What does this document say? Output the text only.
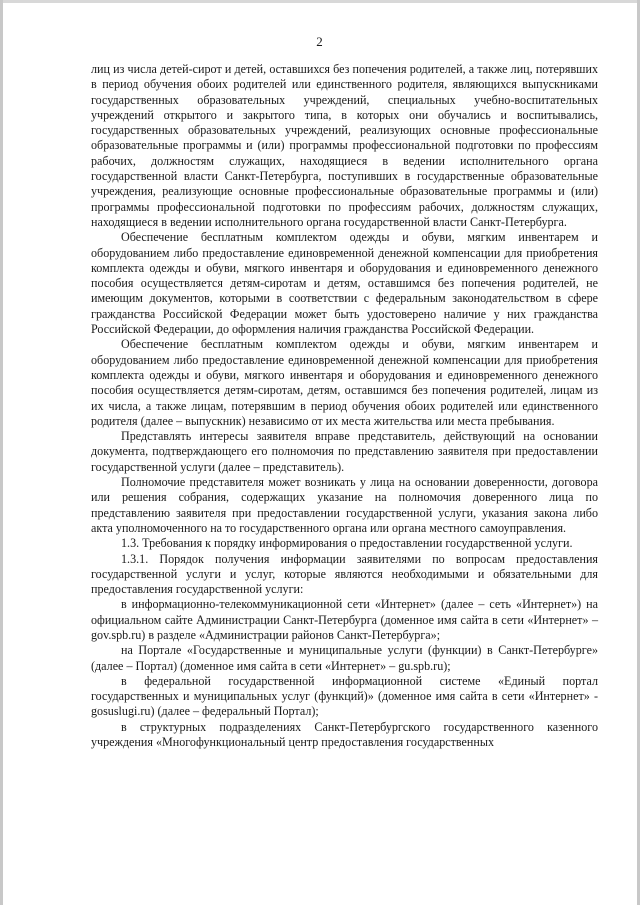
2

лиц из числа детей-сирот и детей, оставшихся без попечения родителей, а также лиц, потерявших в период обучения обоих родителей или единственного родителя, являющихся выпускниками государственных образовательных учреждений, специальных учебно-воспитательных учреждений открытого и закрытого типа, в которых они обучались и воспитывались, государственных образовательных учреждений, реализующих основные профессиональные образовательные программы и (или) программы профессиональной подготовки по профессиям рабочих, должностям служащих, находящиеся в ведении исполнительного органа государственной власти Санкт-Петербурга, поступивших в государственные образовательные учреждения, реализующие основные профессиональные образовательные программы и (или) программы профессиональной подготовки по профессиям рабочих, должностям служащих, находящиеся в ведении исполнительного органа государственной власти Санкт-Петербурга.

Обеспечение бесплатным комплектом одежды и обуви, мягким инвентарем и оборудованием либо предоставление единовременной денежной компенсации для приобретения комплекта одежды и обуви, мягкого инвентаря и оборудования и единовременного денежного пособия осуществляется детям-сиротам и детям, оставшимся без попечения родителей, не имеющим документов, которыми в соответствии с федеральным законодательством в сфере гражданства Российской Федерации может быть удостоверено наличие у них гражданства Российской Федерации, до оформления наличия гражданства Российской Федерации.

Обеспечение бесплатным комплектом одежды и обуви, мягким инвентарем и оборудованием либо предоставление единовременной денежной компенсации для приобретения комплекта одежды и обуви, мягкого инвентаря и оборудования и единовременного денежного пособия осуществляется детям-сиротам, детям, оставшимся без попечения родителей, лицам из их числа, а также лицам, потерявшим в период обучения обоих родителей или единственного родителя (далее – выпускник) независимо от их места жительства или места пребывания.

Представлять интересы заявителя вправе представитель, действующий на основании документа, подтверждающего его полномочия по представлению заявителя при предоставлении государственной услуги (далее – представитель).

Полномочие представителя может возникать у лица на основании доверенности, договора или решения собрания, содержащих указание на полномочия доверенного лица по представлению заявителя при предоставлении государственной услуги, указания закона либо акта уполномоченного на то государственного органа или органа местного самоуправления.

1.3. Требования к порядку информирования о предоставлении государственной услуги.

1.3.1. Порядок получения информации заявителями по вопросам предоставления государственной услуги и услуг, которые являются необходимыми и обязательными для предоставления государственной услуги:

в информационно-телекоммуникационной сети «Интернет» (далее – сеть «Интернет») на официальном сайте Администрации Санкт-Петербурга (доменное имя сайта в сети «Интернет» – gov.spb.ru) в разделе «Администрации районов Санкт-Петербурга»;

на Портале «Государственные и муниципальные услуги (функции) в Санкт-Петербурге» (далее – Портал) (доменное имя сайта в сети «Интернет» – gu.spb.ru);

в федеральной государственной информационной системе «Единый портал государственных и муниципальных услуг (функций)» (доменное имя сайта в сети «Интернет» - gosuslugi.ru) (далее – федеральный Портал);

в структурных подразделениях Санкт-Петербургского государственного казенного учреждения «Многофункциональный центр предоставления государственных
